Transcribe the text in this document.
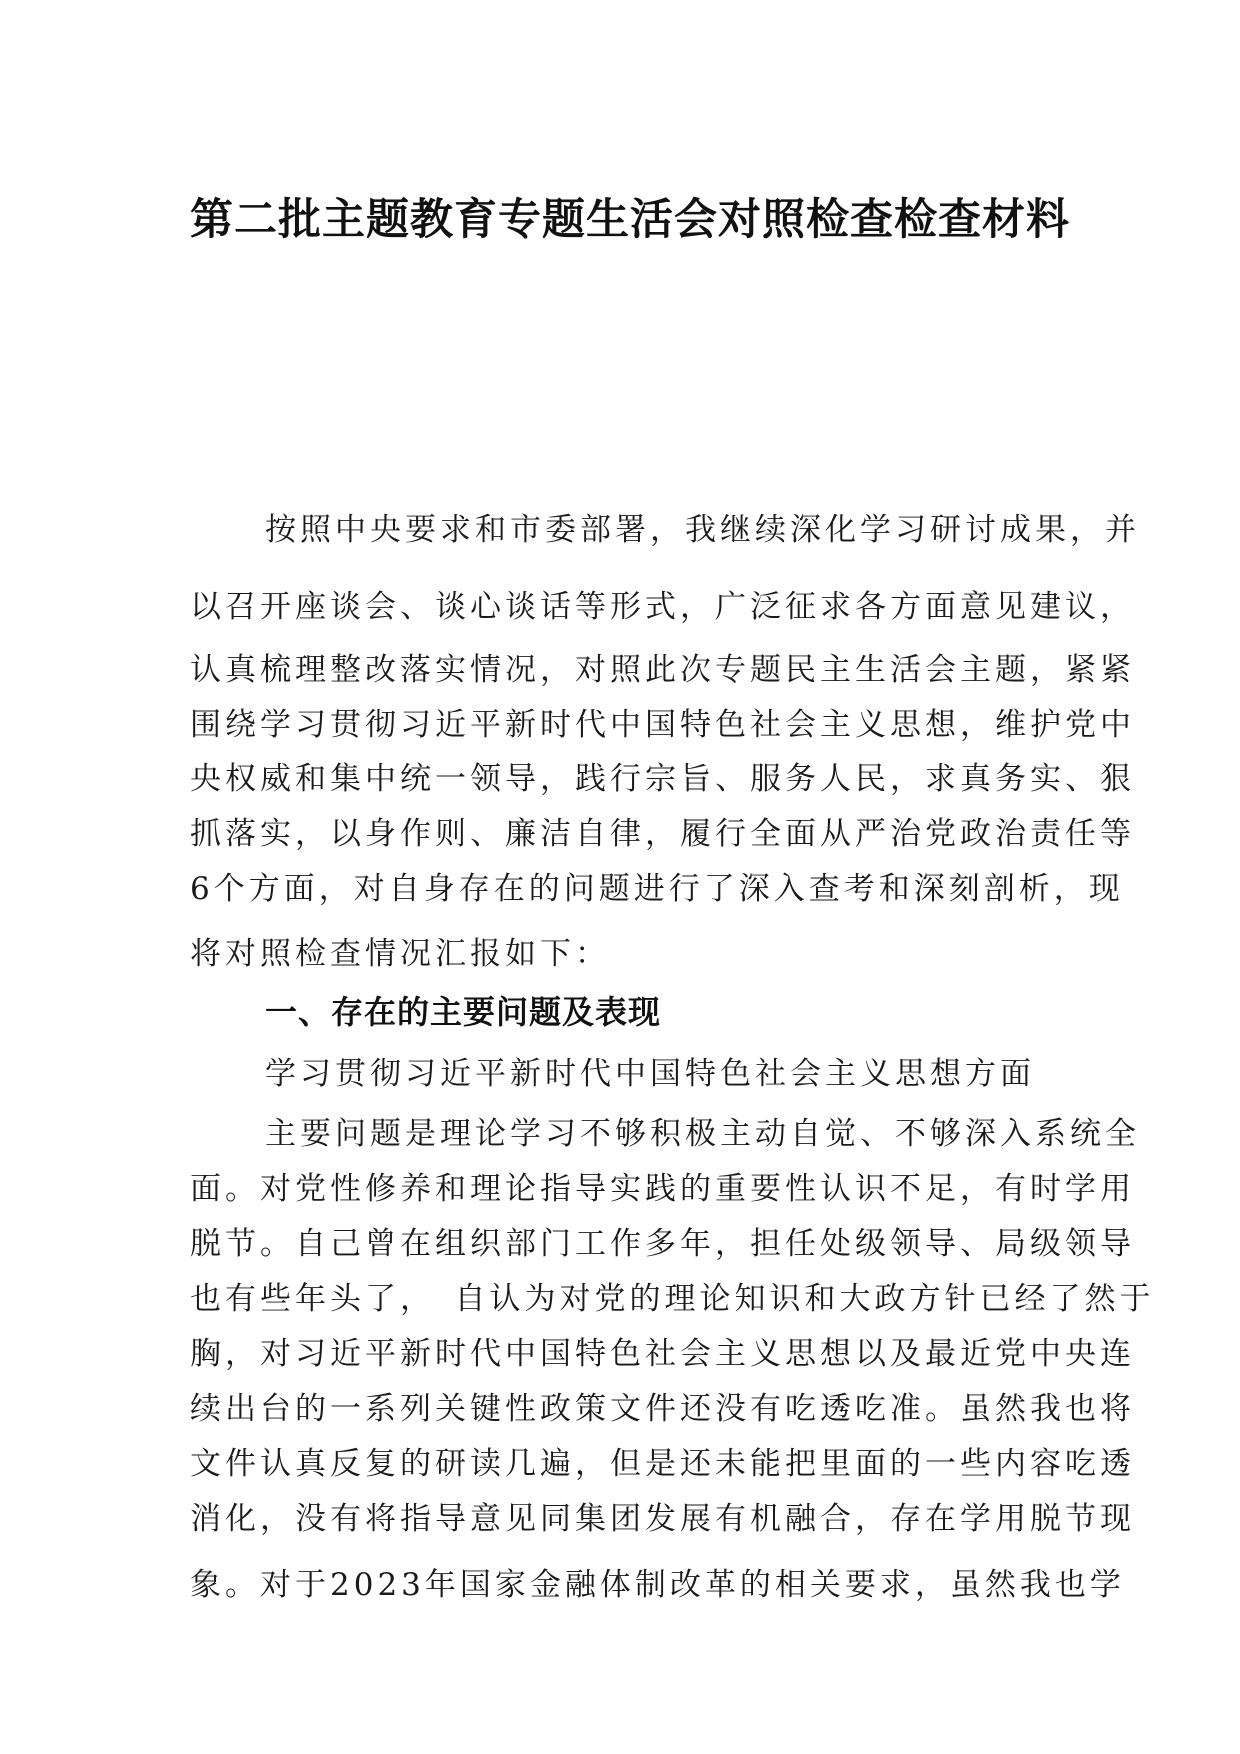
第二批主题教育专题生活会对照检查检查材料
按照中央要求和市委部署，我继续深化学习研讨成果，并
以召开座谈会、谈心谈话等形式，广泛征求各方面意见建议，
认真梳理整改落实情况，对照此次专题民主生活会主题，紧紧
围绕学习贯彻习近平新时代中国特色社会主义思想，维护党中
央权威和集中统一领导，践行宗旨、服务人民，求真务实、狠
抓落实，以身作则、廉洁自律，履行全面从严治党政治责任等
6个方面，对自身存在的问题进行了深入查考和深刻剖析，现
将对照检查情况汇报如下：
一、存在的主要问题及表现
学习贯彻习近平新时代中国特色社会主义思想方面
主要问题是理论学习不够积极主动自觉、不够深入系统全
面。对党性修养和理论指导实践的重要性认识不足，有时学用
脱节。自己曾在组织部门工作多年，担任处级领导、局级领导
也有些年头了，　自认为对党的理论知识和大政方针已经了然于
胸，对习近平新时代中国特色社会主义思想以及最近党中央连
续出台的一系列关键性政策文件还没有吃透吃准。虽然我也将
文件认真反复的研读几遍，但是还未能把里面的一些内容吃透
消化，没有将指导意见同集团发展有机融合，存在学用脱节现
象。对于2023年国家金融体制改革的相关要求，虽然我也学
